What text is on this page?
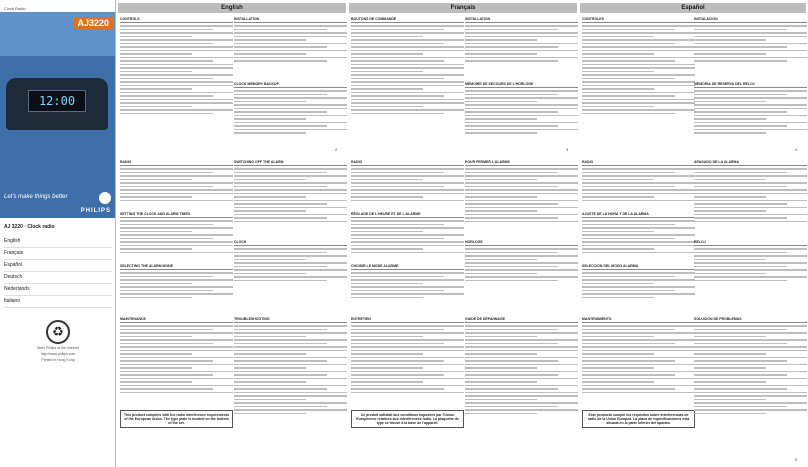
Clock Radio
AJ3220
12:00
Let's make things better
PHILIPS
AJ 3220 · Clock radio
English
Français
Español
Deutsch
Nederlands
Italiano
♻
Meet Philips at the Internet
http://www.philips.com
Printed in Hong Kong
English	Français	Español
CONTROLS	INSTALLATION
CLOCK MEMORY BACKUP
2
RADIO
SETTING THE CLOCK AND ALARM TIMES
SELECTING THE ALARM MODE
SWITCHING OFF THE ALARM
CLOCK
MAINTENANCE
This product complies with the radio interference requirements of the European Union. The type plate is located on the bottom of the set.
TROUBLESHOOTING
BOUTONS DE COMMANDE	INSTALLATION
MÉMOIRE DE SECOURS DE L'HORLOGE
3
RADIO
RÉGLAGE DE L'HEURE ET DE L'ALARME
CHOISIR LE MODE ALARME
POUR FERMER L'ALARME
HORLOGE
ENTRETIEN
Ce produit satisfait aux conditions imposées par l'Union Européenne relatives aux interférences radio. La plaquette de type se trouve à la base de l'appareil.
GUIDE DE DÉPANNAGE
CONTROLES	INSTALACIÓN
MEMORIA DE RESERVA DEL RELOJ
4
RADIO
AJUSTE DE LA HORA Y DE LA ALARMA
SELECCIÓN DEL MODO ALARMA
APAGADO DE LA ALARMA
RELOJ
MANTENIMIENTO
Este producto cumple los requisitos sobre interferencias de radio de la Unión Europea. La placa de especificaciones está situada en la parte inferior del aparato.
SOLUCIÓN DE PROBLEMAS
5
